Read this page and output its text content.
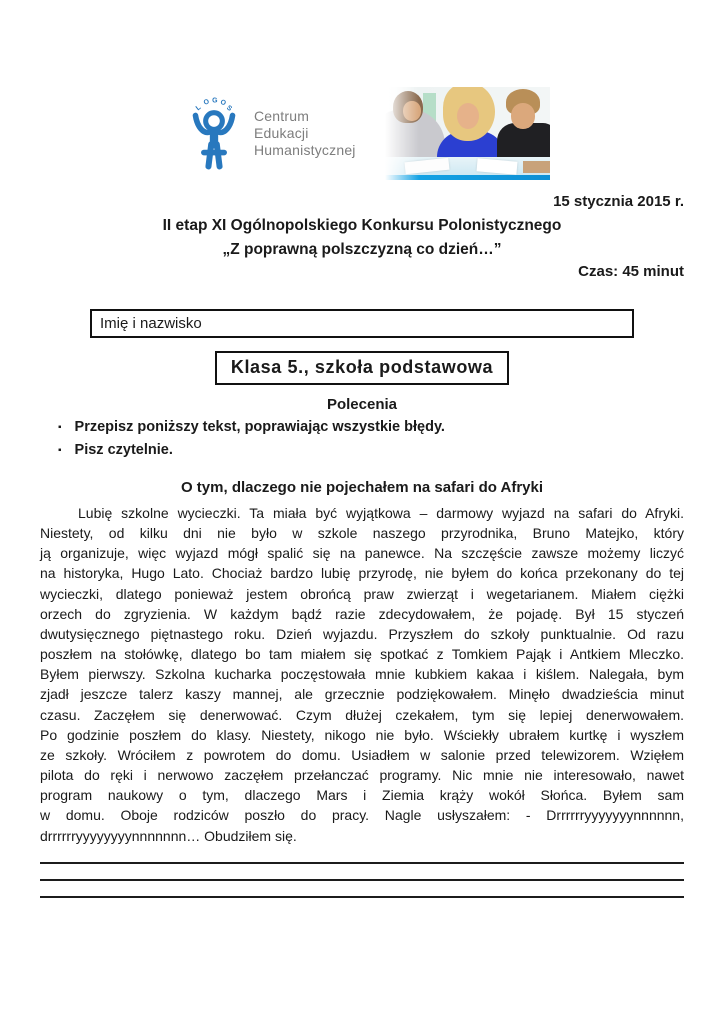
L
O G O
S Centrum
Edukacji
Humanistycznej
15 stycznia 2015 r.
II etap XI Ogólnopolskiego Konkursu Polonistycznego
„Z poprawną polszczyzną co dzień…”
Czas: 45 minut
Imię i nazwisko
Klasa 5., szkoła podstawowa
Polecenia
▪ Przepisz poniższy tekst, poprawiając wszystkie błędy.
▪ Pisz czytelnie.
O tym, dlaczego nie pojechałem na safari do Afryki
Lubię szkolne wycieczki. Ta miała być wyjątkowa – darmowy wyjazd na safari do Afryki.
Niestety, od kilku dni nie było w szkole naszego przyrodnika, Bruno Matejko, który
ją organizuje, więc wyjazd mógł spalić się na panewce. Na szczęście zawsze możemy liczyć
na historyka, Hugo Lato. Chociaż bardzo lubię przyrodę, nie byłem do końca przekonany do tej
wycieczki, dlatego ponieważ jestem obrońcą praw zwierząt i wegetarianem. Miałem ciężki
orzech do zgryzienia. W każdym bądź razie zdecydowałem, że pojadę. Był 15 styczeń
dwutysięcznego piętnastego roku. Dzień wyjazdu. Przyszłem do szkoły punktualnie. Od razu
poszłem na stołówkę, dlatego bo tam miałem się spotkać z Tomkiem Pająk i Antkiem Mleczko.
Byłem pierwszy. Szkolna kucharka poczęstowała mnie kubkiem kakaa i kiślem. Nalegała, bym
zjadł jeszcze talerz kaszy mannej, ale grzecznie podziękowałem. Minęło dwadzieścia minut
czasu. Zaczęłem się denerwować. Czym dłużej czekałem, tym się lepiej denerwowałem.
Po godzinie poszłem do klasy. Niestety, nikogo nie było. Wściekły ubrałem kurtkę i wyszłem
ze szkoły. Wróciłem z powrotem do domu. Usiadłem w salonie przed telewizorem. Wzięłem
pilota do ręki i nerwowo zaczęłem przełanczać programy. Nic mnie nie interesowało, nawet
program naukowy o tym, dlaczego Mars i Ziemia krąży wokół Słońca. Byłem sam
w domu. Oboje rodziców poszło do pracy. Nagle usłyszałem: - Drrrrrryyyyyyynnnnnn,
drrrrrryyyyyyyynnnnnnn… Obudziłem się.
